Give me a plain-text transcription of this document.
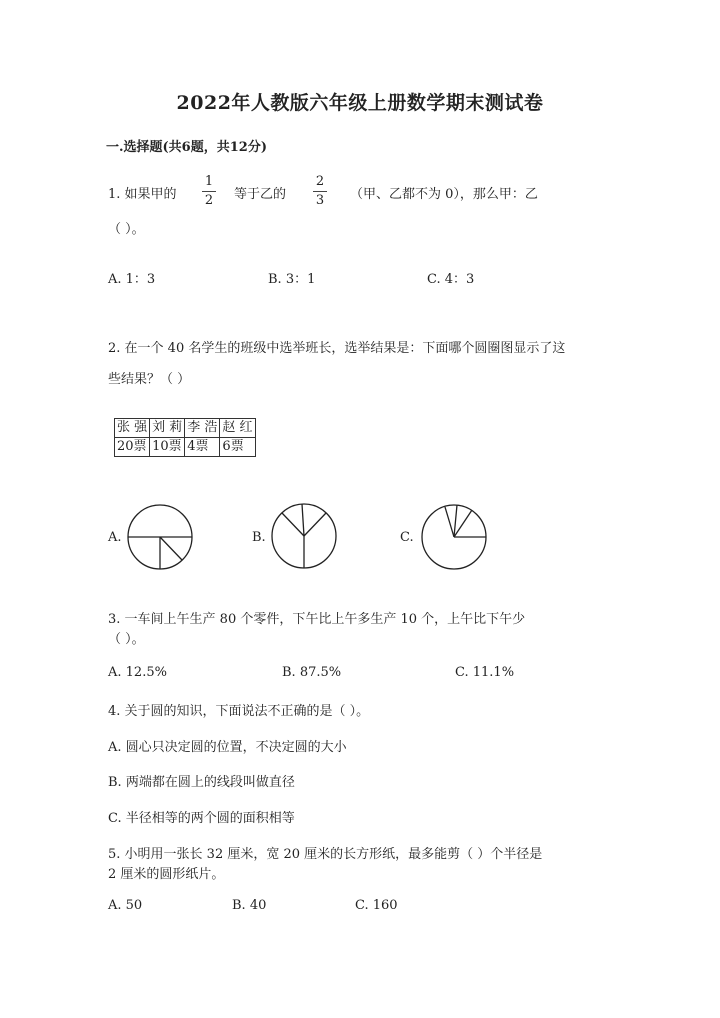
2022年人教版六年级上册数学期末测试卷
一.选择题(共6题，共12分)
1. 如果甲的
1
2	等于乙的
2
3	（甲、乙都不为 0），那么甲：乙
（ ）。
A. 1：3	B. 3：1	C. 4：3
2. 在一个 40 名学生的班级中选举班长，选举结果是：下面哪个圆圈图显示了这
些结果？（ ）
张 强	刘 莉	李 浩	赵 红
20票	10票	4票	6票
A.	B.	C.
3. 一车间上午生产 80 个零件，下午比上午多生产 10 个，上午比下午少
（ ）。
A. 12.5%	B. 87.5%	C. 11.1%
4. 关于圆的知识，下面说法不正确的是（ ）。
A. 圆心只决定圆的位置，不决定圆的大小
B. 两端都在圆上的线段叫做直径
C. 半径相等的两个圆的面积相等
5. 小明用一张长 32 厘米，宽 20 厘米的长方形纸，最多能剪（ ）个半径是
2 厘米的圆形纸片。
A. 50	B. 40	C. 160
